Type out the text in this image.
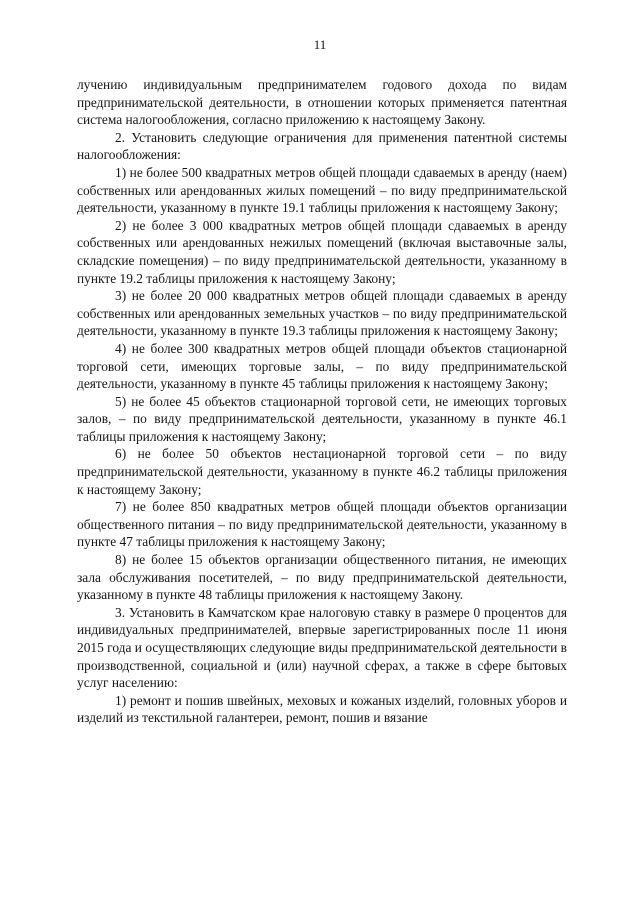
11

лучению индивидуальным предпринимателем годового дохода по видам предпринимательской деятельности, в отношении которых применяется патентная система налогообложения, согласно приложению к настоящему Закону.

2. Установить следующие ограничения для применения патентной системы налогообложения:

1) не более 500 квадратных метров общей площади сдаваемых в аренду (наем) собственных или арендованных жилых помещений – по виду предпринимательской деятельности, указанному в пункте 19.1 таблицы приложения к настоящему Закону;

2) не более 3 000 квадратных метров общей площади сдаваемых в аренду собственных или арендованных нежилых помещений (включая выставочные залы, складские помещения) – по виду предпринимательской деятельности, указанному в пункте 19.2 таблицы приложения к настоящему Закону;

3) не более 20 000 квадратных метров общей площади сдаваемых в аренду собственных или арендованных земельных участков – по виду предпринимательской деятельности, указанному в пункте 19.3 таблицы приложения к настоящему Закону;

4) не более 300 квадратных метров общей площади объектов стационарной торговой сети, имеющих торговые залы, – по виду предпринимательской деятельности, указанному в пункте 45 таблицы приложения к настоящему Закону;

5) не более 45 объектов стационарной торговой сети, не имеющих торговых залов, – по виду предпринимательской деятельности, указанному в пункте 46.1 таблицы приложения к настоящему Закону;

6) не более 50 объектов нестационарной торговой сети – по виду предпринимательской деятельности, указанному в пункте 46.2 таблицы приложения к настоящему Закону;

7) не более 850 квадратных метров общей площади объектов организации общественного питания – по виду предпринимательской деятельности, указанному в пункте 47 таблицы приложения к настоящему Закону;

8) не более 15 объектов организации общественного питания, не имеющих зала обслуживания посетителей, – по виду предпринимательской деятельности, указанному в пункте 48 таблицы приложения к настоящему Закону.

3. Установить в Камчатском крае налоговую ставку в размере 0 процентов для индивидуальных предпринимателей, впервые зарегистрированных после 11 июня 2015 года и осуществляющих следующие виды предпринимательской деятельности в производственной, социальной и (или) научной сферах, а также в сфере бытовых услуг населению:

1) ремонт и пошив швейных, меховых и кожаных изделий, головных уборов и изделий из текстильной галантереи, ремонт, пошив и вязание
